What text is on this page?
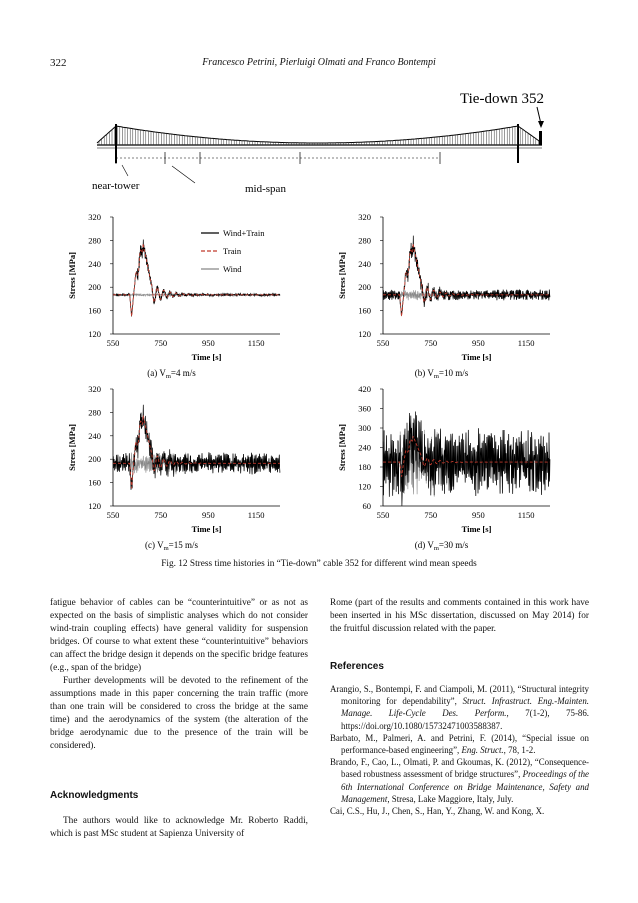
322	Francesco Petrini, Pierluigi Olmati and Franco Bontempi
Tie-down 352
near-tower	mid-span
550	750	950	1150
120
160
200
240
280
320
Time [s]
Stress [MPa]
(a) $V_m=4$ m/s
Wind+Train
Train
Wind
550	750	950	1150
120
160
200
240
280
320
Time [s]
Stress [MPa]
(b) $V_m=10$ m/s
550	750	950	1150
120
160
200
240
280
320
Time [s]
Stress [MPa]
(c) $V_m=15$ m/s
550	750	950	1150
60
120
180
240
300
360
420
Time [s]
Stress [MPa]
(d) $V_m=30$ m/s
Fig. 12 Stress time histories in “Tie-down” cable 352 for different wind mean speeds

fatigue behavior of cables can be “counterintuitive” or as not as expected on the basis of simplistic analyses which do not consider wind-train coupling effects) have general validity for suspension bridges. Of course to what extent these “counterintuitive” behaviors can affect the bridge design it depends on the specific bridge features (e.g., span of the bridge)

Further developments will be devoted to the refinement of the assumptions made in this paper concerning the train traffic (more than one train will be considered to cross the bridge at the same time) and the aerodynamics of the system (the alteration of the bridge aerodynamic due to the presence of the train will be considered).

Acknowledgments

The authors would like to acknowledge Mr. Roberto Raddi, which is past MSc student at Sapienza University of

Rome (part of the results and comments contained in this work have been inserted in his MSc dissertation, discussed on May 2014) for the fruitful discussion related with the paper.

References

Arangio, S., Bontempi, F. and Ciampoli, M. (2011), “Structural integrity monitoring for dependability”, Struct. Infrastruct. Eng.-Mainten. Manage. Life-Cycle Des. Perform., 7(1-2), 75-86. https://doi.org/10.1080/15732471003588387.

Barbato, M., Palmeri, A. and Petrini, F. (2014), “Special issue on performance-based engineering”, Eng. Struct., 78, 1-2.

Brando, F., Cao, L., Olmati, P. and Gkoumas, K. (2012), “Consequence-based robustness assessment of bridge structures”, Proceedings of the 6th International Conference on Bridge Maintenance, Safety and Management, Stresa, Lake Maggiore, Italy, July.

Cai, C.S., Hu, J., Chen, S., Han, Y., Zhang, W. and Kong, X.
